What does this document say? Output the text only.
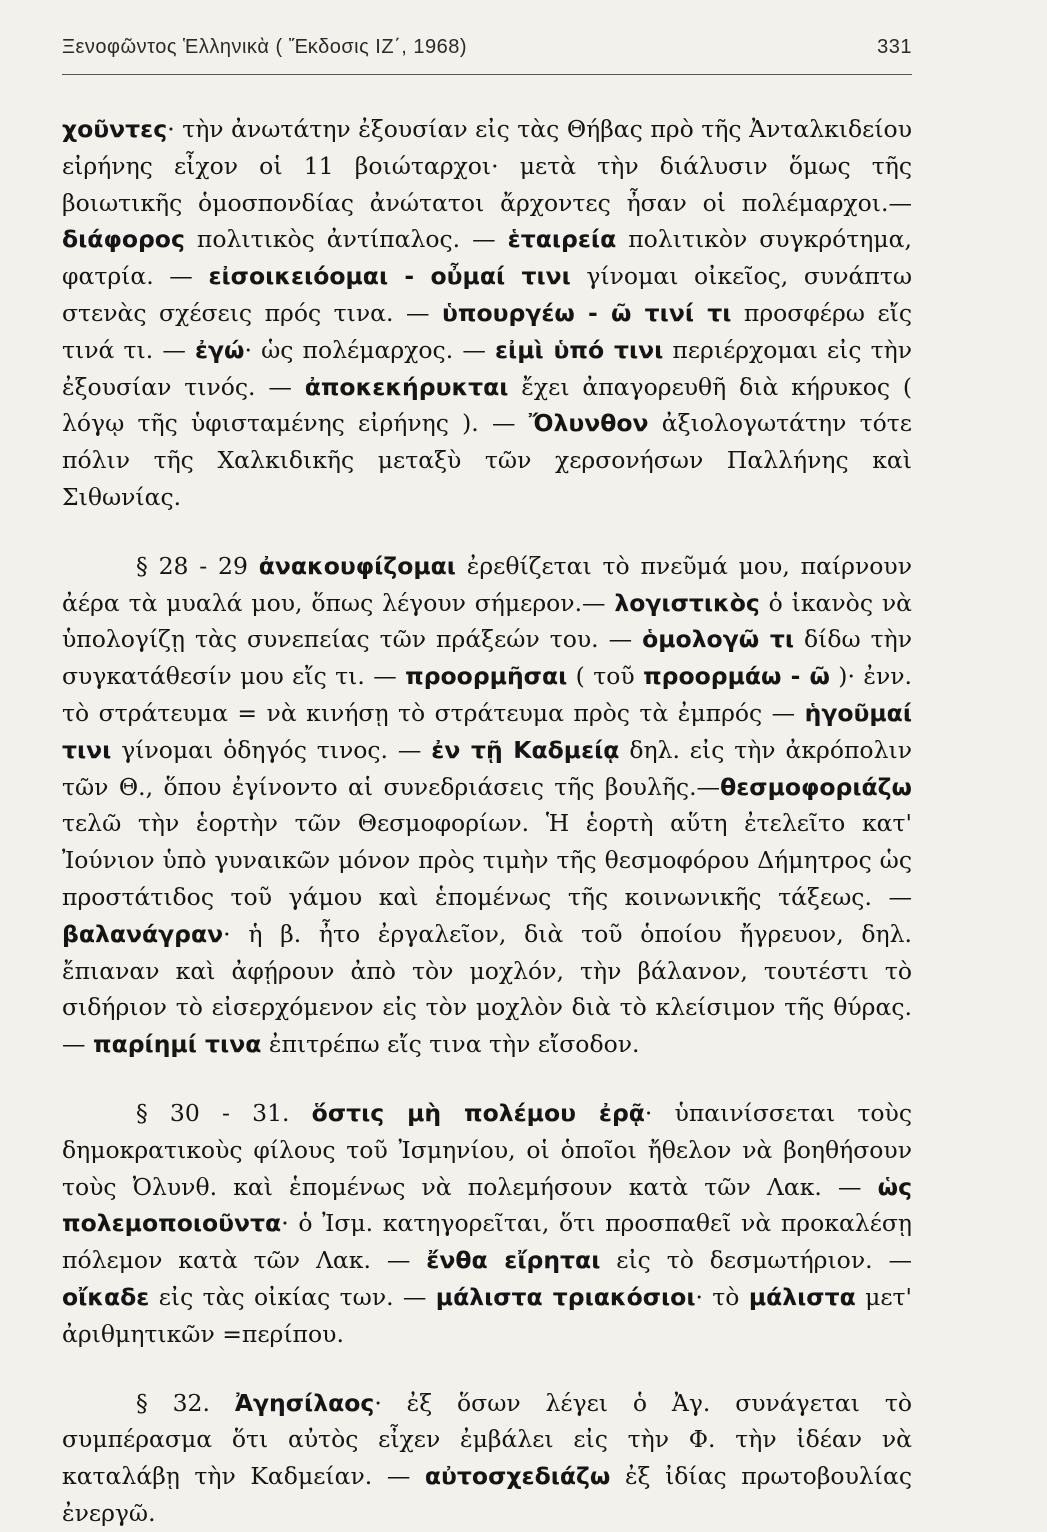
Ξενοφῶντος Ἑλληνικὰ ( Ἔκδοσις ΙΖ΄, 1968)	331

χοῦντες· τὴν ἀνωτάτην ἐξουσίαν εἰς τὰς Θήβας πρὸ τῆς Ἀνταλκιδείου εἰρήνης εἶχον οἱ 11 βοιώταρχοι· μετὰ τὴν διάλυσιν ὅμως τῆς βοιωτικῆς ὁμοσπονδίας ἀνώτατοι ἄρχοντες ἦσαν οἱ πολέμαρχοι.— διάφορος πολιτικὸς ἀντίπαλος. — ἑταιρεία πολιτικὸν συγκρότημα, φατρία. — εἰσοικειόομαι - οὖμαί τινι γίνομαι οἰκεῖος, συνάπτω στενὰς σχέσεις πρός τινα. — ὑπουργέω - ῶ τινί τι προσφέρω εἴς τινά τι. — ἐγώ· ὡς πολέμαρχος. — εἰμὶ ὑπό τινι περιέρχομαι εἰς τὴν ἐξουσίαν τινός. — ἀποκεκήρυκται ἔχει ἀπαγορευθῆ διὰ κήρυκος ( λόγῳ τῆς ὑφισταμένης εἰρήνης ). — Ὄλυνθον ἀξιολογωτάτην τότε πόλιν τῆς Χαλκιδικῆς μεταξὺ τῶν χερσονήσων Παλλήνης καὶ Σιθωνίας.

§ 28 - 29 ἀνακουφίζομαι ἐρεθίζεται τὸ πνεῦμά μου, παίρνουν ἀέρα τὰ μυαλά μου, ὅπως λέγουν σήμερον.— λογιστικὸς ὁ ἱκανὸς νὰ ὑπολογίζῃ τὰς συνεπείας τῶν πράξεών του. — ὁμολογῶ τι δίδω τὴν συγκατάθεσίν μου εἴς τι. — προορμῆσαι ( τοῦ προορμάω - ῶ )· ἐνν. τὸ στράτευμα = νὰ κινήσῃ τὸ στράτευμα πρὸς τὰ ἐμπρός — ἡγοῦμαί τινι γίνομαι ὁδηγός τινος. — ἐν τῇ Καδμείᾳ δηλ. εἰς τὴν ἀκρόπολιν τῶν Θ., ὅπου ἐγίνοντο αἱ συνεδριάσεις τῆς βουλῆς.—θεσμοφοριάζω τελῶ τὴν ἑορτὴν τῶν Θεσμοφορίων. Ἡ ἑορτὴ αὕτη ἐτελεῖτο κατ' Ἰούνιον ὑπὸ γυναικῶν μόνον πρὸς τιμὴν τῆς θεσμοφόρου Δήμητρος ὡς προστάτιδος τοῦ γάμου καὶ ἑπομένως τῆς κοινωνικῆς τάξεως. — βαλανάγραν· ἡ β. ἦτο ἐργαλεῖον, διὰ τοῦ ὁποίου ἤγρευον, δηλ. ἔπιαναν καὶ ἀφῄρουν ἀπὸ τὸν μοχλόν, τὴν βάλανον, τουτέστι τὸ σιδήριον τὸ εἰσερχόμενον εἰς τὸν μοχλὸν διὰ τὸ κλείσιμον τῆς θύρας. — παρίημί τινα ἐπιτρέπω εἴς τινα τὴν εἴσοδον.

§ 30 - 31. ὅστις μὴ πολέμου ἐρᾷ· ὑπαινίσσεται τοὺς δημοκρατικοὺς φίλους τοῦ Ἰσμηνίου, οἱ ὁποῖοι ἤθελον νὰ βοηθήσουν τοὺς Ὀλυνθ. καὶ ἑπομένως νὰ πολεμήσουν κατὰ τῶν Λακ. — ὡς πολεμοποιοῦντα· ὁ Ἰσμ. κατηγορεῖται, ὅτι προσπαθεῖ νὰ προκαλέσῃ πόλεμον κατὰ τῶν Λακ. — ἔνθα εἴρηται εἰς τὸ δεσμωτήριον. — οἴκαδε εἰς τὰς οἰκίας των. — μάλιστα τριακόσιοι· τὸ μάλιστα μετ' ἀριθμητικῶν =περίπου.

§ 32. Ἀγησίλαος· ἐξ ὅσων λέγει ὁ Ἀγ. συνάγεται τὸ συμπέρασμα ὅτι αὐτὸς εἶχεν ἐμβάλει εἰς τὴν Φ. τὴν ἰδέαν νὰ καταλάβῃ τὴν Καδμείαν. — αὐτοσχεδιάζω ἐξ ἰδίας πρωτοβουλίας ἐνεργῶ.
